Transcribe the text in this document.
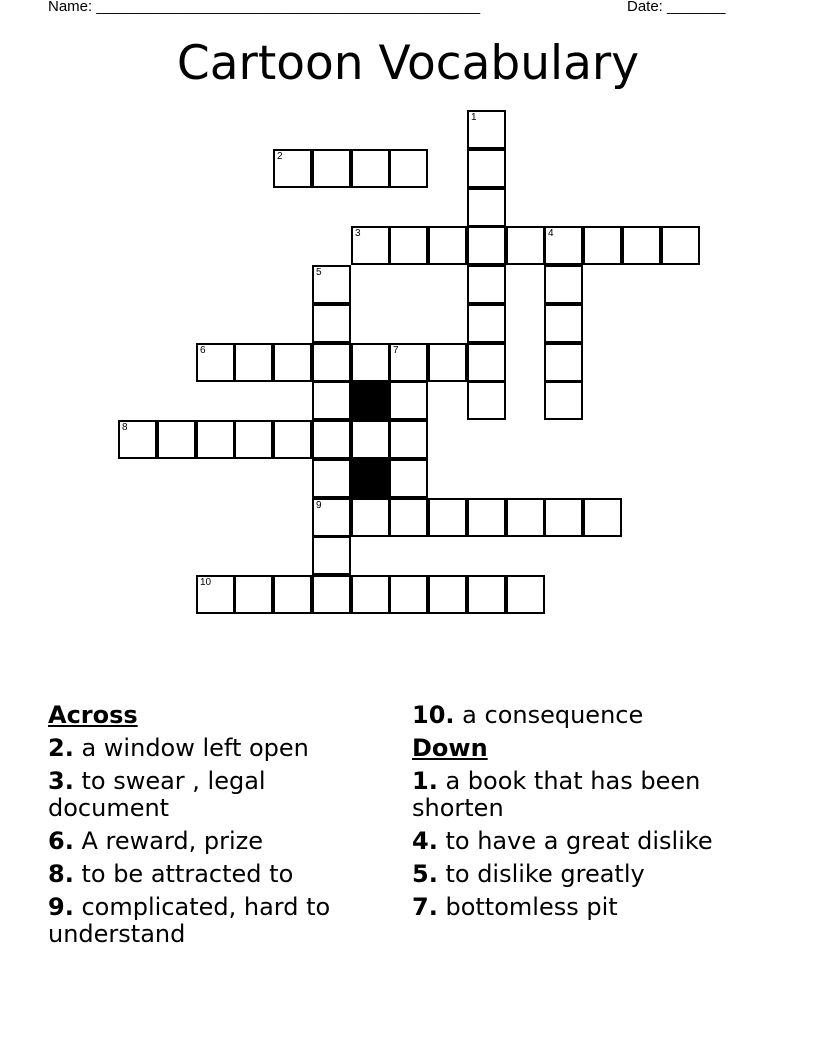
Name: ______________________________________________	Date: _______
Cartoon Vocabulary
2
3	4
6	7
8
9
10
1
5
Across
2. a window left open
3. to swear , legal document
6. A reward, prize
8. to be attracted to
9. complicated, hard to understand
10. a consequence
Down
1. a book that has been shorten
4. to have a great dislike
5. to dislike greatly
7. bottomless pit
